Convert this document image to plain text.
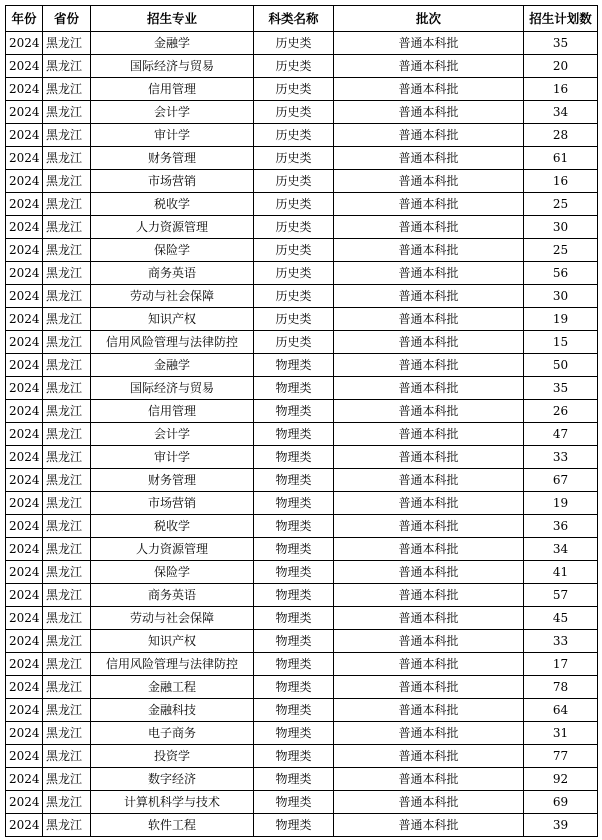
年份	省份	招生专业	科类名称	批次	招生计划数
2024	黑龙江	金融学	历史类	普通本科批	35
2024	黑龙江	国际经济与贸易	历史类	普通本科批	20
2024	黑龙江	信用管理	历史类	普通本科批	16
2024	黑龙江	会计学	历史类	普通本科批	34
2024	黑龙江	审计学	历史类	普通本科批	28
2024	黑龙江	财务管理	历史类	普通本科批	61
2024	黑龙江	市场营销	历史类	普通本科批	16
2024	黑龙江	税收学	历史类	普通本科批	25
2024	黑龙江	人力资源管理	历史类	普通本科批	30
2024	黑龙江	保险学	历史类	普通本科批	25
2024	黑龙江	商务英语	历史类	普通本科批	56
2024	黑龙江	劳动与社会保障	历史类	普通本科批	30
2024	黑龙江	知识产权	历史类	普通本科批	19
2024	黑龙江	信用风险管理与法律防控	历史类	普通本科批	15
2024	黑龙江	金融学	物理类	普通本科批	50
2024	黑龙江	国际经济与贸易	物理类	普通本科批	35
2024	黑龙江	信用管理	物理类	普通本科批	26
2024	黑龙江	会计学	物理类	普通本科批	47
2024	黑龙江	审计学	物理类	普通本科批	33
2024	黑龙江	财务管理	物理类	普通本科批	67
2024	黑龙江	市场营销	物理类	普通本科批	19
2024	黑龙江	税收学	物理类	普通本科批	36
2024	黑龙江	人力资源管理	物理类	普通本科批	34
2024	黑龙江	保险学	物理类	普通本科批	41
2024	黑龙江	商务英语	物理类	普通本科批	57
2024	黑龙江	劳动与社会保障	物理类	普通本科批	45
2024	黑龙江	知识产权	物理类	普通本科批	33
2024	黑龙江	信用风险管理与法律防控	物理类	普通本科批	17
2024	黑龙江	金融工程	物理类	普通本科批	78
2024	黑龙江	金融科技	物理类	普通本科批	64
2024	黑龙江	电子商务	物理类	普通本科批	31
2024	黑龙江	投资学	物理类	普通本科批	77
2024	黑龙江	数字经济	物理类	普通本科批	92
2024	黑龙江	计算机科学与技术	物理类	普通本科批	69
2024	黑龙江	软件工程	物理类	普通本科批	39
